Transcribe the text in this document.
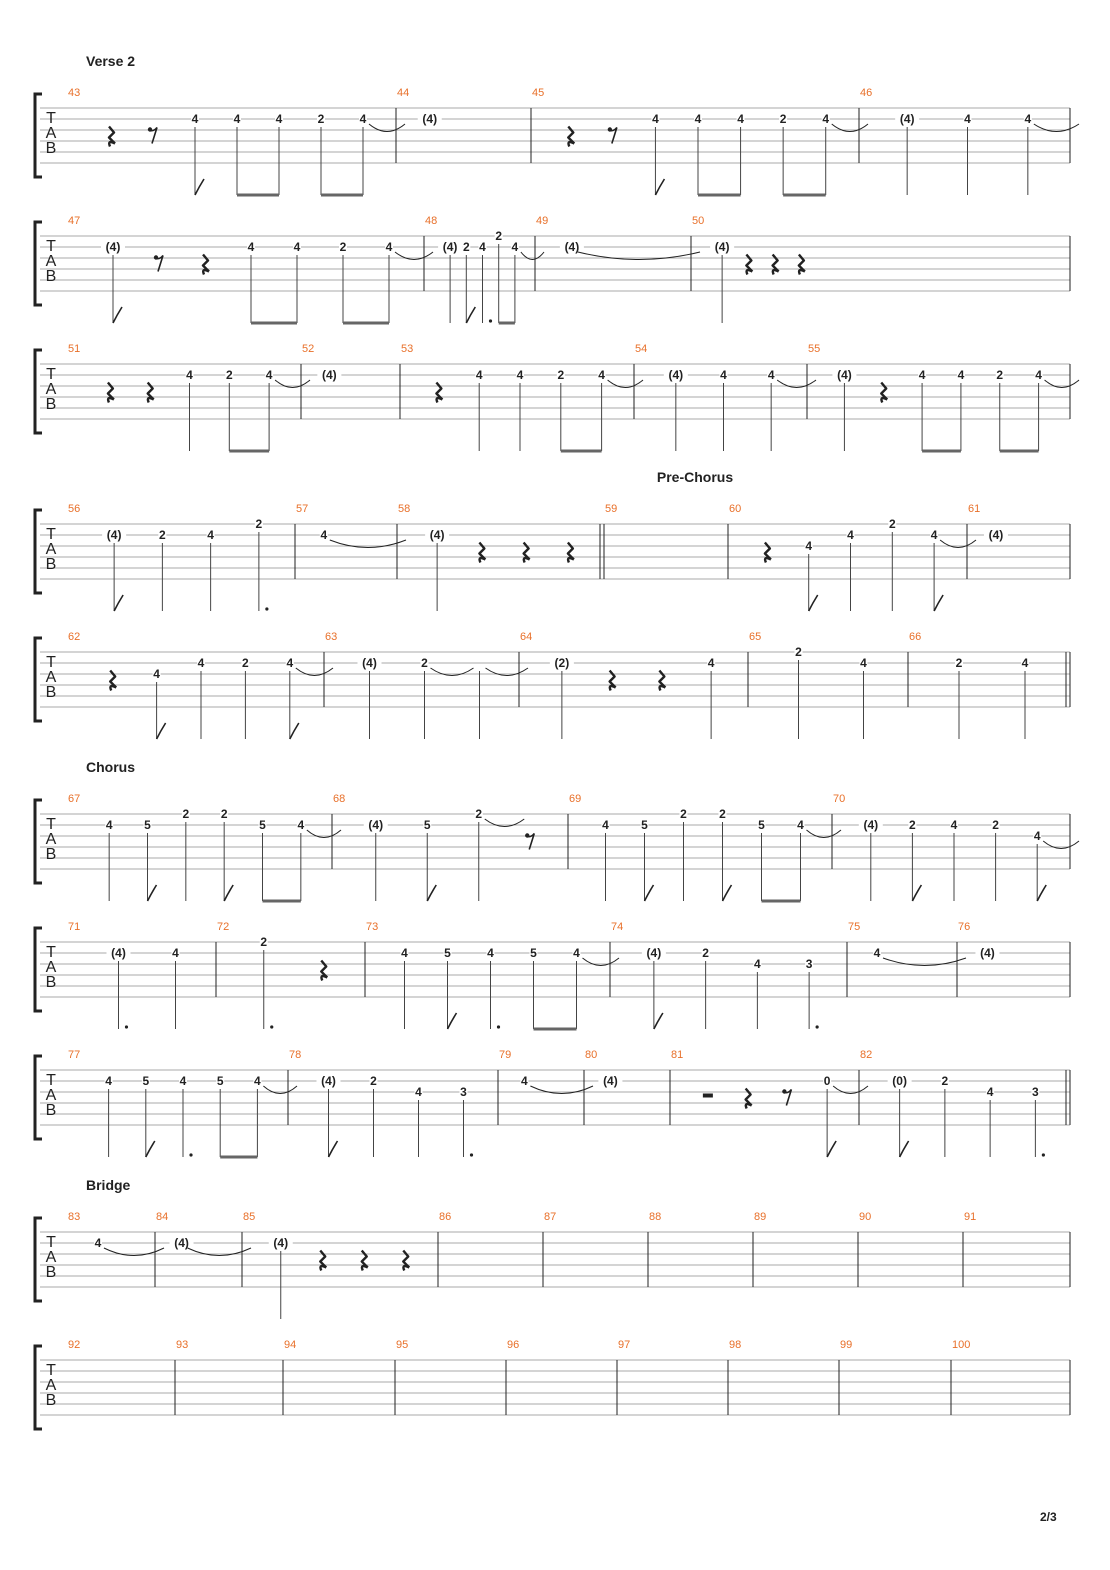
Verse 2
T
A
B
43
4	4	4	2	4
44
(4)
45
4	4	4	2	4
46
(4)	4	4
T
A
B
47
(4)	4	4	2	4
48
(4) 2 4
2
4
49
(4)
50
(4)
T
A
B
51
4	2	4
52
(4)
53
4	4	2	4
54
(4)	4	4
55
(4)	4	4	2	4
Pre-Chorus
T
A
B
56
(4)	2	4
2
57
4
58
(4)
59	60
4
4
2
4
61
(4)
T
A
B
62
4
4	2	4
63
(4)	2
64
(2)	4
65
2
4
66
2	4
Chorus
T
A
B
67
4	5
2	2
5	4
68
(4)	5
2
69
4	5
2	2
5	4
70
(4)	2	4	2
4
T
A
B
71
(4)	4
72
2
73
4	5	4	5	4
74
(4)	2
4	3
75
4
76
(4)
T
A
B
77
4	5	4	5	4
78
(4)	2
4	3
79
4
80
(4)
81
0
82
(0)	2
4	3
Bridge
T
A
B
83
4
84
(4)
85
(4)
86	87	88	89	90	91
T
A
B
92	93	94	95	96	97	98	99	100
2/3
